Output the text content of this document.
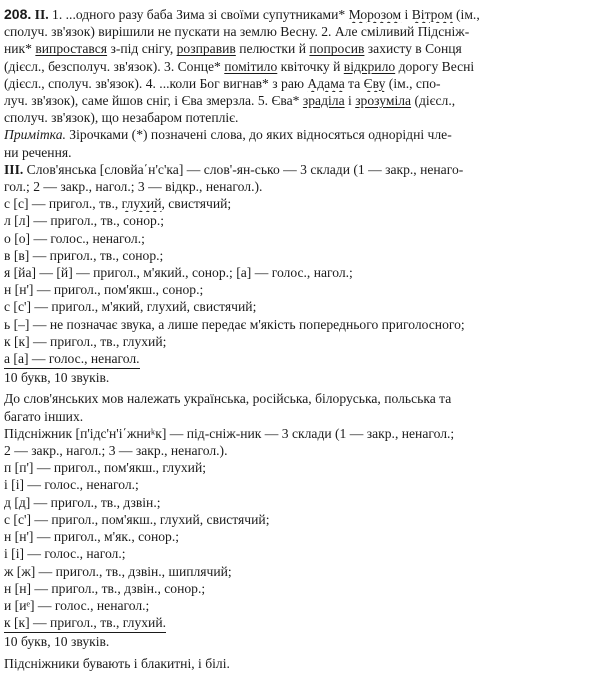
208. II. 1. ...одного разу баба Зима зі своїми супутниками* Морозом і Вітром (ім.,
сполуч. зв'язок) вирішили не пускати на землю Весну. 2. Але сміливий Підсніж-
ник* випростався з-під снігу, розправив пелюстки й попросив захисту в Сонця
(дієсл., безсполуч. зв'язок). 3. Сонце* помітило квіточку й відкрило дорогу Весні
(дієсл., сполуч. зв'язок). 4. ...коли Бог вигнав* з раю Адама та Єву (ім., спо-
луч. зв'язок), саме йшов сніг, і Єва змерзла. 5. Єва* зраділа і зрозуміла (дієсл.,
сполуч. зв'язок), що незабаром потепліє.
Примітка. Зірочками (*) позначені слова, до яких відносяться однорідні чле-
ни речення.
III. Слов'янська [словйа΄н'с'ка] — слов'-ян-сько — 3 склади (1 — закр., ненаго-
гол.; 2 — закр., нагол.; 3 — відкр., ненагол.).
с [с] — пригол., тв., глухий, свистячий;
л [л] — пригол., тв., сонор.;
о [о] — голос., ненагол.;
в [в] — пригол., тв., сонор.;
я [йа] — [й] — пригол., м'який., сонор.; [а] — голос., нагол.;
н [н'] — пригол., пом'якш., сонор.;
с [с'] — пригол., м'який, глухий, свистячий;
ь [–] — не позначає звука, а лише передає м'якість попереднього приголосного;
к [к] — пригол., тв., глухий;
а [а] — голос., ненагол.
10 букв, 10 звуків.
До слов'янських мов належать українська, російська, білоруська, польська та
багато інших.
Підсніжник [п'ідс'н'і΄жниᵏк] — під-сніж-ник — 3 склади (1 — закр., ненагол.;
2 — закр., нагол.; 3 — закр., ненагол.).
п [п'] — пригол., пом'якш., глухий;
і [і] — голос., ненагол.;
д [д] — пригол., тв., дзвін.;
с [с'] — пригол., пом'якш., глухий, свистячий;
н [н'] — пригол., м'як., сонор.;
і [і] — голос., нагол.;
ж [ж] — пригол., тв., дзвін., шиплячий;
н [н] — пригол., тв., дзвін., сонор.;
и [иᵉ] — голос., ненагол.;
к [к] — пригол., тв., глухий.
10 букв, 10 звуків.
Підсніжники бувають і блакитні, і білі.
